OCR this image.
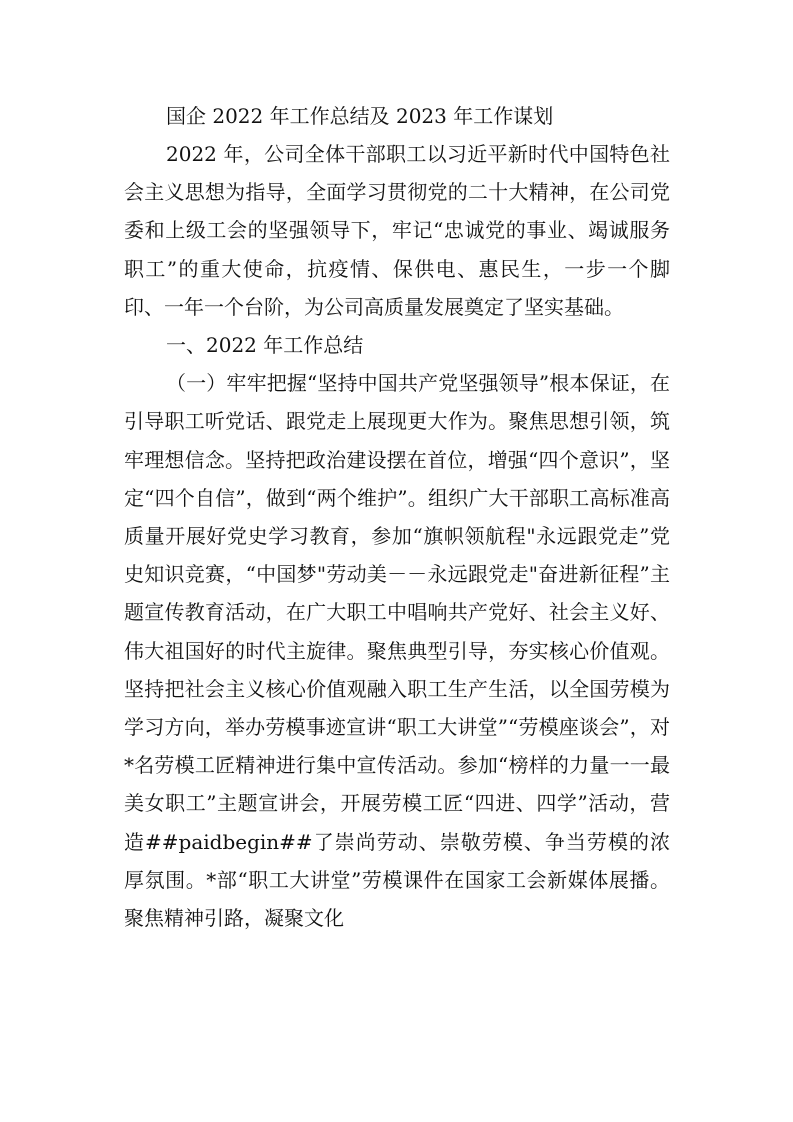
国企 2022 年工作总结及 2023 年工作谋划

2022 年，公司全体干部职工以习近平新时代中国特色社会主义思想为指导，全面学习贯彻党的二十大精神，在公司党委和上级工会的坚强领导下，牢记“忠诚党的事业、竭诚服务职工”的重大使命，抗疫情、保供电、惠民生，一步一个脚印、一年一个台阶，为公司高质量发展奠定了坚实基础。

一、2022 年工作总结

（一）牢牢把握“坚持中国共产党坚强领导”根本保证，在引导职工听党话、跟党走上展现更大作为。聚焦思想引领，筑牢理想信念。坚持把政治建设摆在首位，增强“四个意识”，坚定“四个自信”，做到“两个维护”。组织广大干部职工高标准高质量开展好党史学习教育，参加“旗帜领航程"永远跟党走”党史知识竞赛，“中国梦"劳动美－－永远跟党走"奋进新征程”主题宣传教育活动，在广大职工中唱响共产党好、社会主义好、伟大祖国好的时代主旋律。聚焦典型引导，夯实核心价值观。坚持把社会主义核心价值观融入职工生产生活，以全国劳模为学习方向，举办劳模事迹宣讲“职工大讲堂”“劳模座谈会”，对*名劳模工匠精神进行集中宣传活动。参加“榜样的力量一一最美女职工”主题宣讲会，开展劳模工匠“四进、四学”活动，营造##paidbegin##了崇尚劳动、崇敬劳模、争当劳模的浓厚氛围。*部“职工大讲堂”劳模课件在国家工会新媒体展播。聚焦精神引路，凝聚文化
